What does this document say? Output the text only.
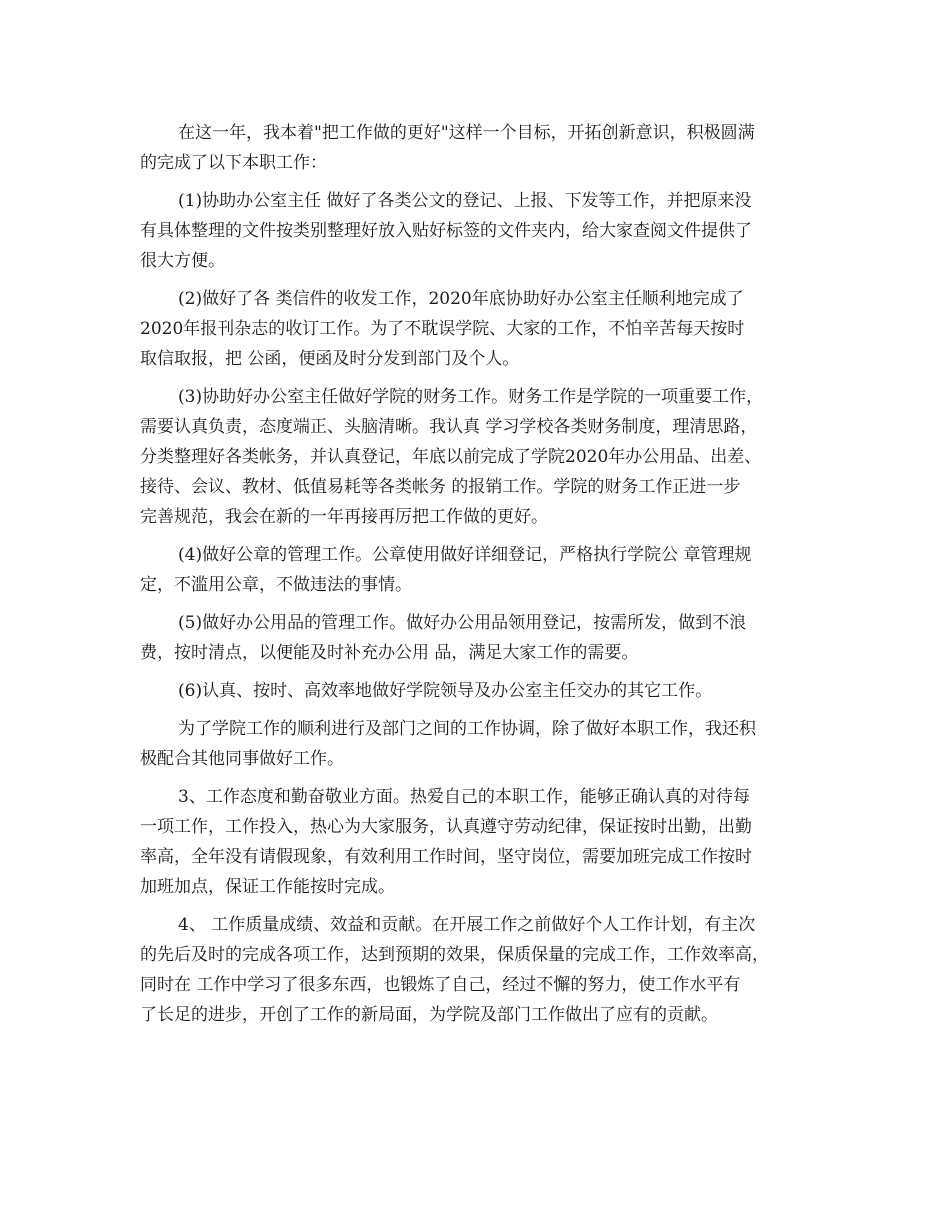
在这一年，我本着"把工作做的更好"这样一个目标，开拓创新意识，积极圆满
的完成了以下本职工作：

(1)协助办公室主任 做好了各类公文的登记、上报、下发等工作，并把原来没
有具体整理的文件按类别整理好放入贴好标签的文件夹内，给大家查阅文件提供了
很大方便。

(2)做好了各 类信件的收发工作，2020年底协助好办公室主任顺利地完成了
2020年报刊杂志的收订工作。为了不耽误学院、大家的工作，不怕辛苦每天按时
取信取报，把 公函，便函及时分发到部门及个人。

(3)协助好办公室主任做好学院的财务工作。财务工作是学院的一项重要工作，
需要认真负责，态度端正、头脑清晰。我认真 学习学校各类财务制度，理清思路，
分类整理好各类帐务，并认真登记，年底以前完成了学院2020年办公用品、出差、
接待、会议、教材、低值易耗等各类帐务 的报销工作。学院的财务工作正进一步
完善规范，我会在新的一年再接再厉把工作做的更好。

(4)做好公章的管理工作。公章使用做好详细登记，严格执行学院公 章管理规
定，不滥用公章，不做违法的事情。

(5)做好办公用品的管理工作。做好办公用品领用登记，按需所发，做到不浪
费，按时清点，以便能及时补充办公用 品，满足大家工作的需要。

(6)认真、按时、高效率地做好学院领导及办公室主任交办的其它工作。

为了学院工作的顺利进行及部门之间的工作协调，除了做好本职工作，我还积
极配合其他同事做好工作。

3、工作态度和勤奋敬业方面。热爱自己的本职工作，能够正确认真的对待每
一项工作，工作投入，热心为大家服务，认真遵守劳动纪律，保证按时出勤，出勤
率高，全年没有请假现象，有效利用工作时间，坚守岗位，需要加班完成工作按时
加班加点，保证工作能按时完成。

4、 工作质量成绩、效益和贡献。在开展工作之前做好个人工作计划，有主次
的先后及时的完成各项工作，达到预期的效果，保质保量的完成工作，工作效率高，
同时在 工作中学习了很多东西，也锻炼了自己，经过不懈的努力，使工作水平有
了长足的进步，开创了工作的新局面，为学院及部门工作做出了应有的贡献。
